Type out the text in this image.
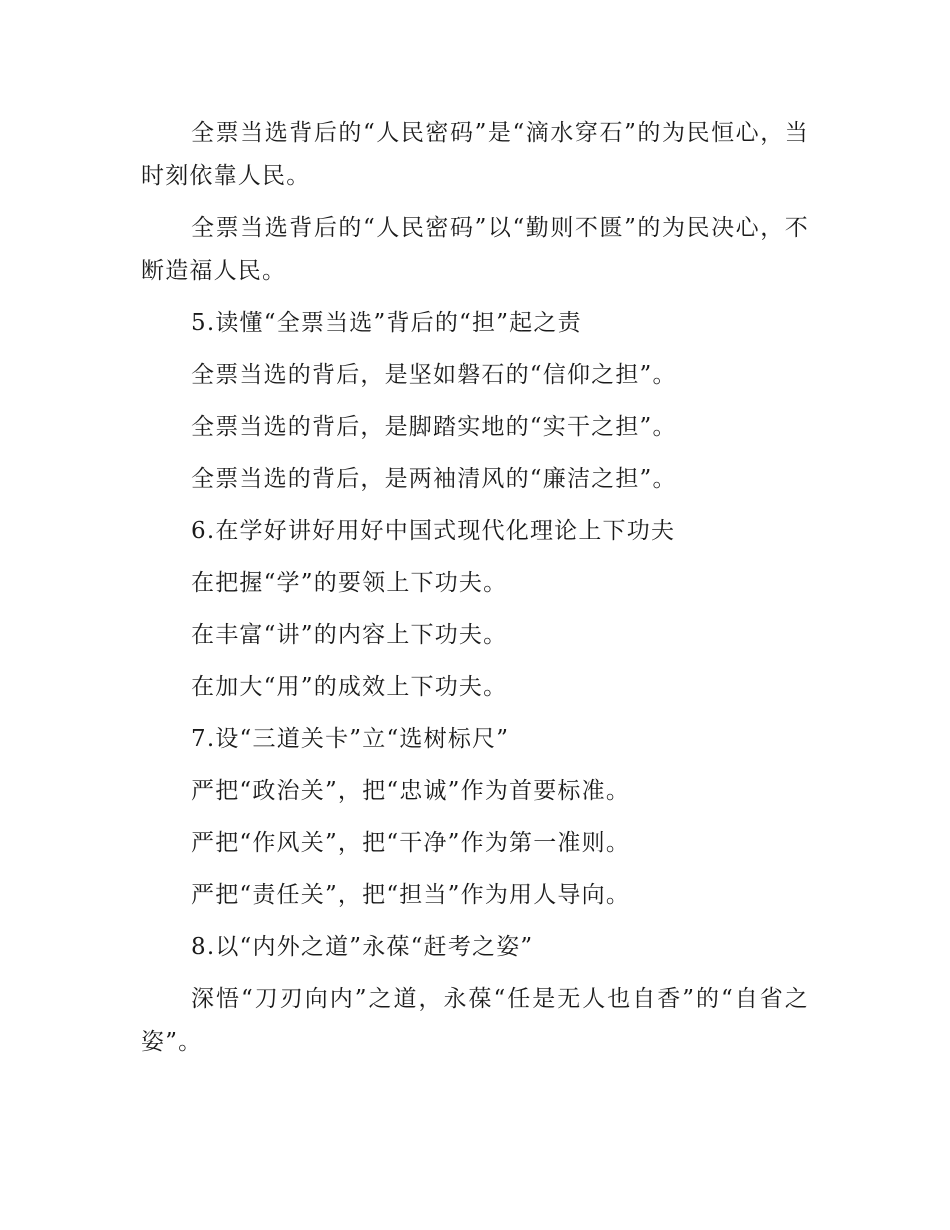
全票当选背后的“人民密码”是“滴水穿石”的为民恒心，当时刻依靠人民。

全票当选背后的“人民密码”以“勤则不匮”的为民决心，不断造福人民。

5.读懂“全票当选”背后的“担”起之责

全票当选的背后，是坚如磐石的“信仰之担”。

全票当选的背后，是脚踏实地的“实干之担”。

全票当选的背后，是两袖清风的“廉洁之担”。

6.在学好讲好用好中国式现代化理论上下功夫

在把握“学”的要领上下功夫。

在丰富“讲”的内容上下功夫。

在加大“用”的成效上下功夫。

7.设“三道关卡”立“选树标尺”

严把“政治关”，把“忠诚”作为首要标准。

严把“作风关”，把“干净”作为第一准则。

严把“责任关”，把“担当”作为用人导向。

8.以“内外之道”永葆“赶考之姿”

深悟“刀刃向内”之道，永葆“任是无人也自香”的“自省之姿”。
